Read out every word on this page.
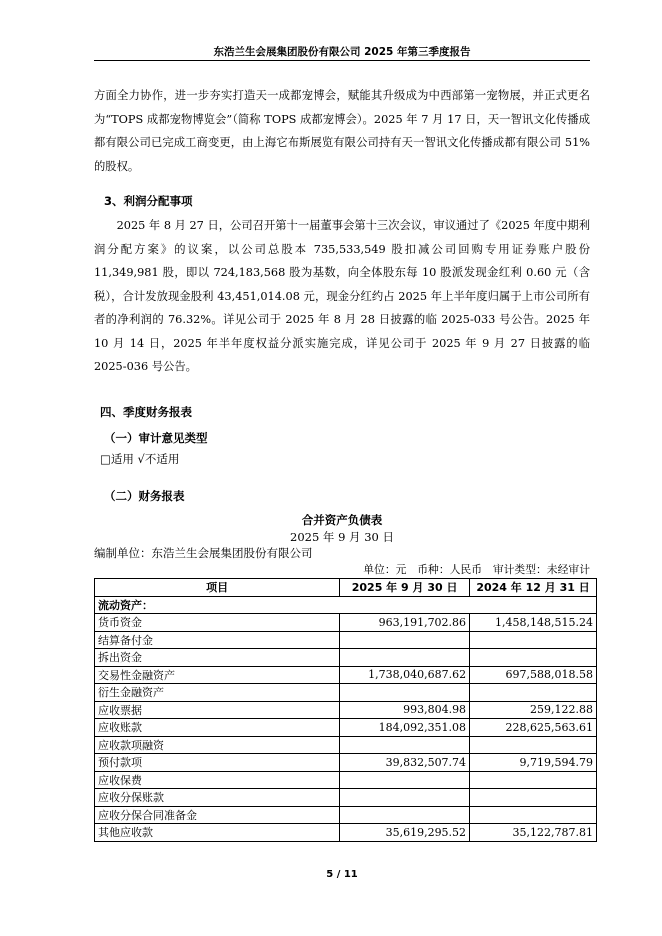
东浩兰生会展集团股份有限公司 2025 年第三季度报告

方面全力协作，进一步夯实打造天一成都宠博会，赋能其升级成为中西部第一宠物展，并正式更名为“TOPS 成都宠物博览会”（简称 TOPS 成都宠博会）。2025 年 7 月 17 日，天一智讯文化传播成都有限公司已完成工商变更，由上海它布斯展览有限公司持有天一智讯文化传播成都有限公司 51%的股权。

3、利润分配事项

2025 年 8 月 27 日，公司召开第十一届董事会第十三次会议，审议通过了《2025 年度中期利润分配方案》的议案，以公司总股本 735,533,549 股扣减公司回购专用证券账户股份 11,349,981 股，即以 724,183,568 股为基数，向全体股东每 10 股派发现金红利 0.60 元（含税），合计发放现金股利 43,451,014.08 元，现金分红约占 2025 年上半年度归属于上市公司所有者的净利润的 76.32%。详见公司于 2025 年 8 月 28 日披露的临 2025-033 号公告。2025 年 10 月 14 日，2025 年半年度权益分派实施完成，详见公司于 2025 年 9 月 27 日披露的临 2025-036 号公告。

四、季度财务报表
（一）审计意见类型
□适用 √不适用
（二）财务报表
合并资产负债表
2025 年 9 月 30 日
编制单位：东浩兰生会展集团股份有限公司
单位：元　币种：人民币　审计类型：未经审计
项目	2025 年 9 月 30 日	2024 年 12 月 31 日
流动资产：		
货币资金	963,191,702.86	1,458,148,515.24
结算备付金		
拆出资金		
交易性金融资产	1,738,040,687.62	697,588,018.58
衍生金融资产		
应收票据	993,804.98	259,122.88
应收账款	184,092,351.08	228,625,563.61
应收款项融资		
预付款项	39,832,507.74	9,719,594.79
应收保费		
应收分保账款		
应收分保合同准备金		
其他应收款	35,619,295.52	35,122,787.81
5 / 11
